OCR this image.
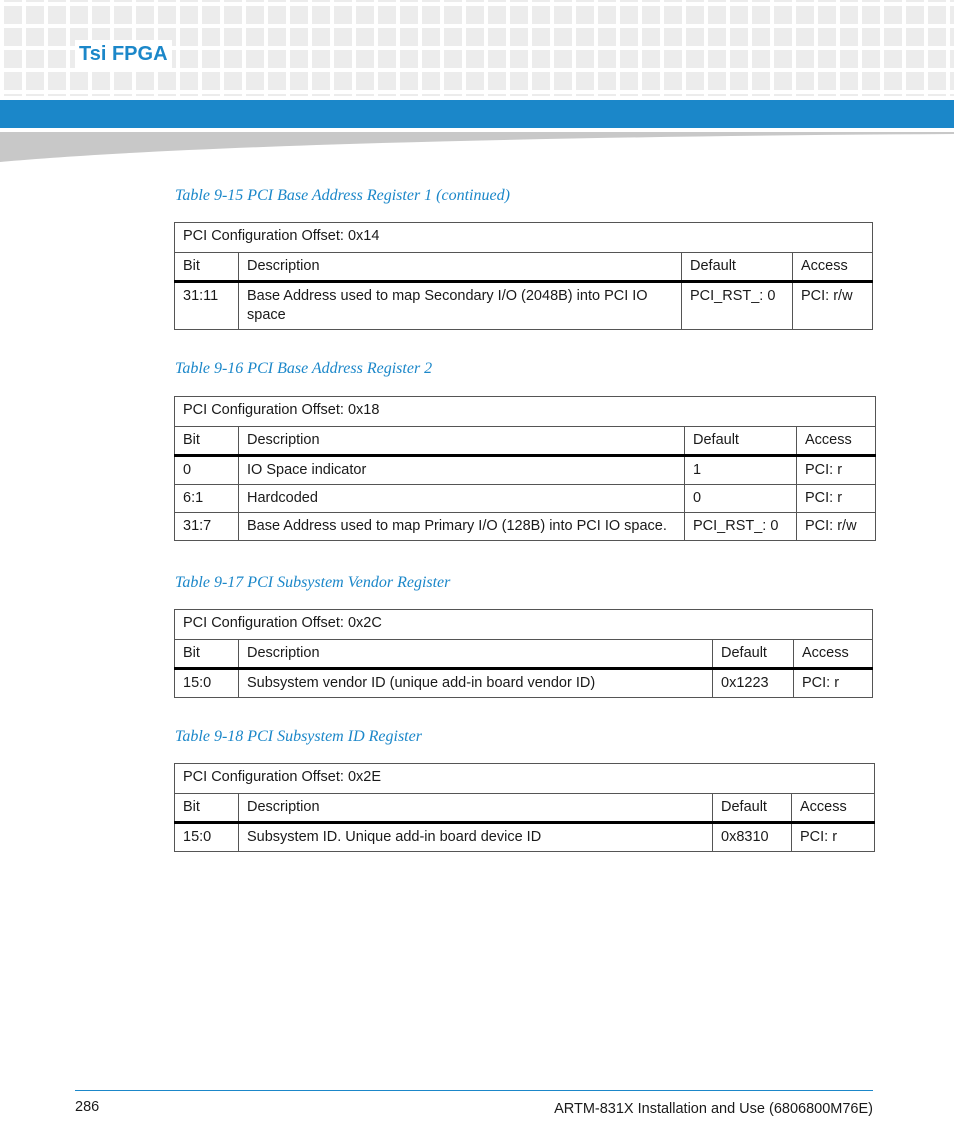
Tsi FPGA
Table 9-15 PCI Base Address Register 1 (continued)
PCI Configuration Offset: 0x14			
Bit	Description	Default	Access
31:11	Base Address used to map Secondary I/O (2048B) into PCI IO space	PCI_RST_: 0	PCI: r/w
Table 9-16 PCI Base Address Register 2
PCI Configuration Offset: 0x18			
Bit	Description	Default	Access
0	IO Space indicator	1	PCI: r
6:1	Hardcoded	0	PCI: r
31:7	Base Address used to map Primary I/O (128B) into PCI IO space.	PCI_RST_: 0	PCI: r/w
Table 9-17 PCI Subsystem Vendor Register
PCI Configuration Offset: 0x2C			
Bit	Description	Default	Access
15:0	Subsystem vendor ID (unique add-in board vendor ID)	0x1223	PCI: r
Table 9-18 PCI Subsystem ID Register
PCI Configuration Offset: 0x2E			
Bit	Description	Default	Access
15:0	Subsystem ID. Unique add-in board device ID	0x8310	PCI: r
286	ARTM-831X Installation and Use (6806800M76E)
